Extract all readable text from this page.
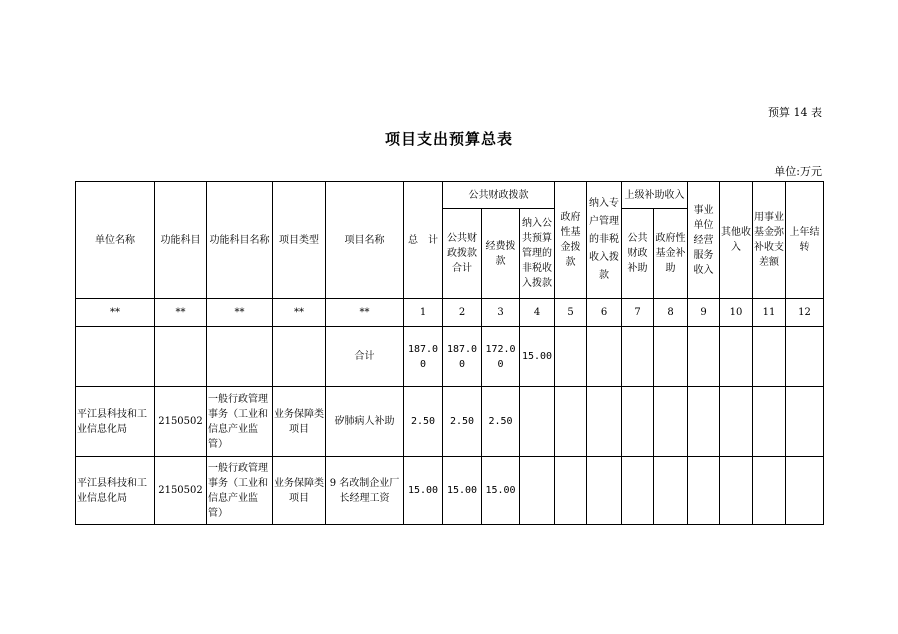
预算 14 表
项目支出预算总表
单位:万元
单位名称	功能科目	功能科目名称	项目类型	项目名称	总　计	公共财政拨款			政府性基金拨款	纳入专户管理的非税收入拨款	上级补助收入		事业单位经营服务收入	其他收入	用事业基金弥补收支差额	上年结转
						公共财政拨款合计	经费拨款	纳入公共预算管理的非税收入拨款			公共财政补助	政府性基金补助				

**	**	**	**	**	1	2	3	4	5	6	7	8	9	10	11	12
				合计	187.00	187.00	172.00	15.00								
平江县科技和工业信息化局	2150502	一般行政管理事务（工业和信息产业监管）	业务保障类项目	矽肺病人补助	2.50	2.50	2.50									
平江县科技和工业信息化局	2150502	一般行政管理事务（工业和信息产业监管）	业务保障类项目	9 名改制企业厂长经理工资	15.00	15.00	15.00									
